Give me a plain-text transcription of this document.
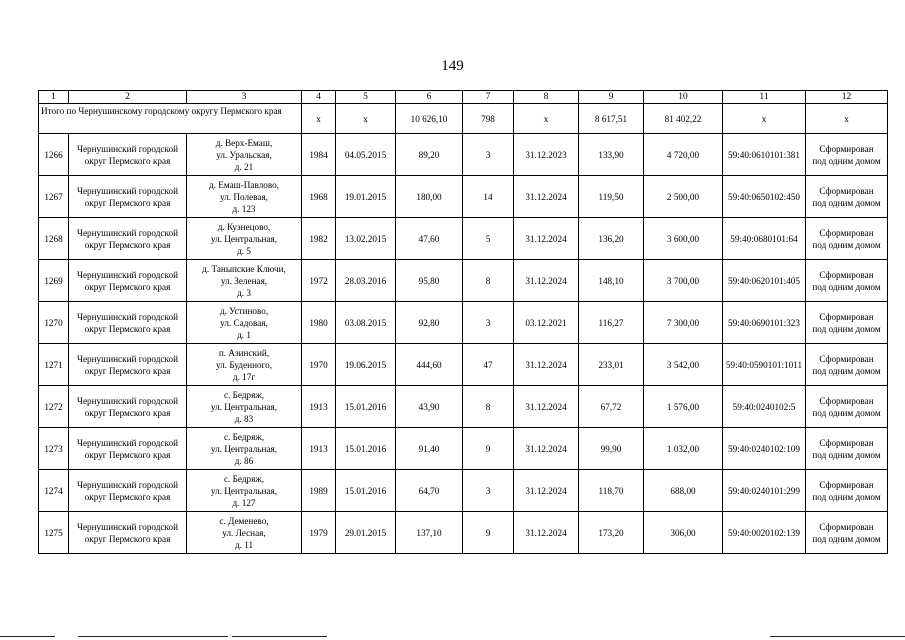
149
1	2	3	4	5	6	7	8	9	10	11	12
Итого по Чернушинскому городскому округу Пермского края			x	x	10 626,10	798	x	8 617,51	81 402,22	x	x
1266	Чернушинский городской
округ Пермского края	д. Верх-Емаш,
ул. Уральская,
д. 21	1984	04.05.2015	89,20	3	31.12.2023	133,90	4 720,00	59:40:0610101:381	Сформирован
под одним домом

1267	Чернушинский городской
округ Пермского края	д. Емаш-Павлово,
ул. Полевая,
д. 123	1968	19.01.2015	180,00	14	31.12.2024	119,50	2 500,00	59:40:0650102:450	Сформирован
под одним домом

1268	Чернушинский городской
округ Пермского края	д. Кузнецово,
ул. Центральная,
д. 5	1982	13.02.2015	47,60	5	31.12.2024	136,20	3 600,00	59:40:0680101:64	Сформирован
под одним домом

1269	Чернушинский городской
округ Пермского края	д. Таныпские Ключи,
ул. Зеленая,
д. 3	1972	28.03.2016	95,80	8	31.12.2024	148,10	3 700,00	59:40:0620101:405	Сформирован
под одним домом

1270	Чернушинский городской
округ Пермского края	д. Устиново,
ул. Садовая,
д. 1	1980	03.08.2015	92,80	3	03.12.2021	116,27	7 300,00	59:40:0690101:323	Сформирован
под одним домом

1271	Чернушинский городской
округ Пермского края	п. Азинский,
ул. Буденного,
д. 17г	1970	19.06.2015	444,60	47	31.12.2024	233,01	3 542,00	59:40:0590101:1011	Сформирован
под одним домом

1272	Чернушинский городской
округ Пермского края	с. Бедряж,
ул. Центральная,
д. 83	1913	15.01.2016	43,90	8	31.12.2024	67,72	1 576,00	59:40:0240102:5	Сформирован
под одним домом

1273	Чернушинский городской
округ Пермского края	с. Бедряж,
ул. Центральная,
д. 86	1913	15.01.2016	91,40	9	31.12.2024	99,90	1 032,00	59:40:0240102:109	Сформирован
под одним домом

1274	Чернушинский городской
округ Пермского края	с. Бедряж,
ул. Центральная,
д. 127	1989	15.01.2016	64,70	3	31.12.2024	118,70	688,00	59:40:0240101:299	Сформирован
под одним домом

1275	Чернушинский городской
округ Пермского края	с. Деменево,
ул. Лесная,
д. 11	1979	29.01.2015	137,10	9	31.12.2024	173,20	306,00	59:40:0020102:139	Сформирован
под одним домом
